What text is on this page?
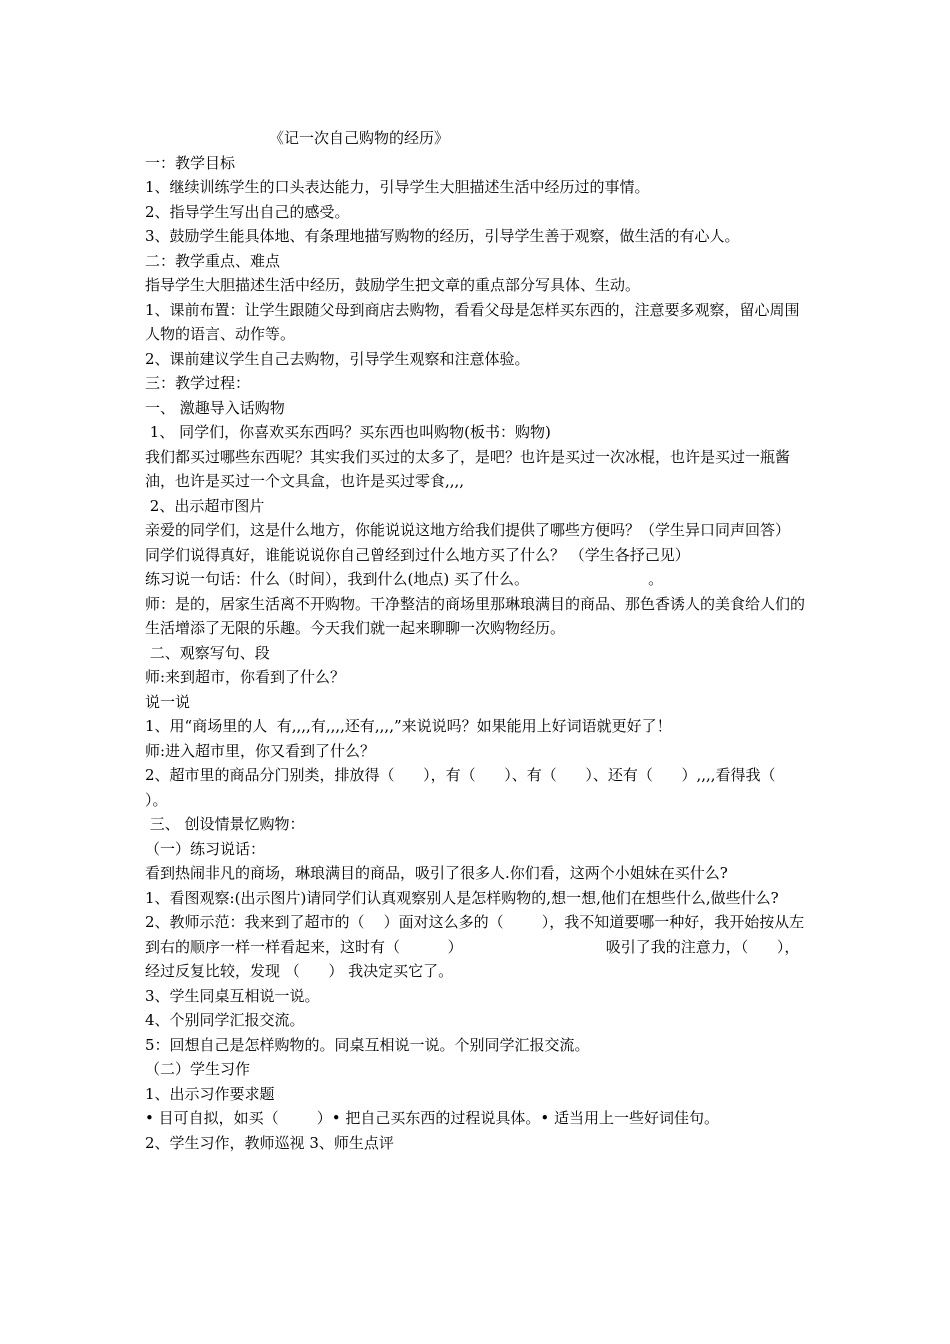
《记一次自己购物的经历》

一：教学目标

1、继续训练学生的口头表达能力，引导学生大胆描述生活中经历过的事情。

2、指导学生写出自己的感受。

3、鼓励学生能具体地、有条理地描写购物的经历，引导学生善于观察，做生活的有心人。

二：教学重点、难点

指导学生大胆描述生活中经历，鼓励学生把文章的重点部分写具体、生动。

1、课前布置：让学生跟随父母到商店去购物，看看父母是怎样买东西的，注意要多观察，留心周围人物的语言、动作等。

2、课前建议学生自己去购物，引导学生观察和注意体验。

三：教学过程：

一、 激趣导入话购物

1、 同学们，你喜欢买东西吗？买东西也叫购物(板书：购物)

我们都买过哪些东西呢？其实我们买过的太多了，是吧？也许是买过一次冰棍，也许是买过一瓶酱油，也许是买过一个文具盒，也许是买过零食,,,,

2、出示超市图片

亲爱的同学们，这是什么地方，你能说说这地方给我们提供了哪些方便吗？（学生异口同声回答）

同学们说得真好，谁能说说你自己曾经到过什么地方买了什么？ （学生各抒己见）

练习说一句话：什么（时间），我到什么(地点) 买了什么。                         。

师：是的，居家生活离不开购物。干净整洁的商场里那琳琅满目的商品、那色香诱人的美食给人们的生活增添了无限的乐趣。今天我们就一起来聊聊一次购物经历。

二、观察写句、段

师:来到超市，你看到了什么？

说一说

1、用“商场里的人  有,,,,有,,,,还有,,,,”来说说吗？如果能用上好词语就更好了！

师:进入超市里，你又看到了什么？

2、超市里的商品分门别类，排放得（      ），有（      ）、有（      ）、还有（      ）,,,,看得我（      ）。

三、 创设情景忆购物：

（一）练习说话：

看到热闹非凡的商场，琳琅满目的商品，吸引了很多人.你们看，这两个小姐妹在买什么?

1、看图观察:(出示图片)请同学们认真观察别人是怎样购物的,想一想,他们在想些什么,做些什么?

2、教师示范：我来到了超市的（    ）面对这么多的（        ），我不知道要哪一种好，我开始按从左到右的顺序一样一样看起来，这时有（          ）                              吸引了我的注意力，（      ），经过反复比较，发现 （      ） 我决定买它了。

3、学生同桌互相说一说。

4、个别同学汇报交流。

5：回想自己是怎样购物的。同桌互相说一说。个别同学汇报交流。

（二）学生习作

1、出示习作要求题

• 目可自拟，如买（        ）• 把自己买东西的过程说具体。• 适当用上一些好词佳句。

2、学生习作，教师巡视 3、师生点评
